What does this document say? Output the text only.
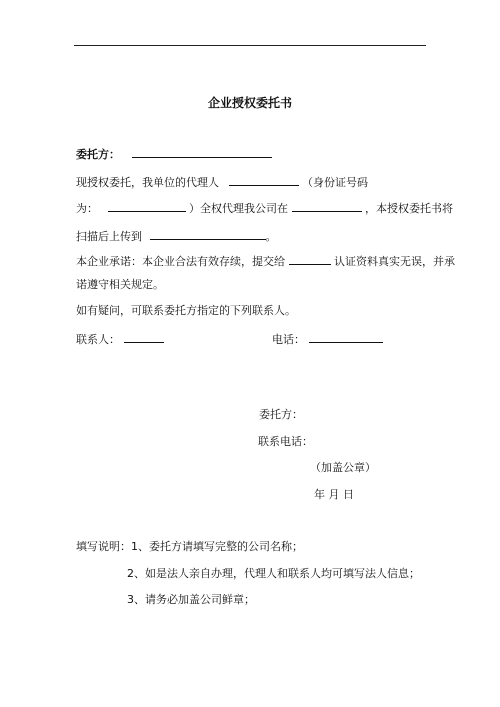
企业授权委托书
委托方：
现授权委托，我单位的代理人	（身份证号码
为：	）全权代理我公司在	，本授权委托书将
扫描后上传到	。
本企业承诺：本企业合法有效存续，提交给	认证资料真实无误，并承
诺遵守相关规定。
如有疑问，可联系委托方指定的下列联系人。
联系人：	电话：
委托方：
联系电话：
（加盖公章）
年 月 日
填写说明：1、委托方请填写完整的公司名称；
2、如是法人亲自办理，代理人和联系人均可填写法人信息；
3、请务必加盖公司鲜章；
